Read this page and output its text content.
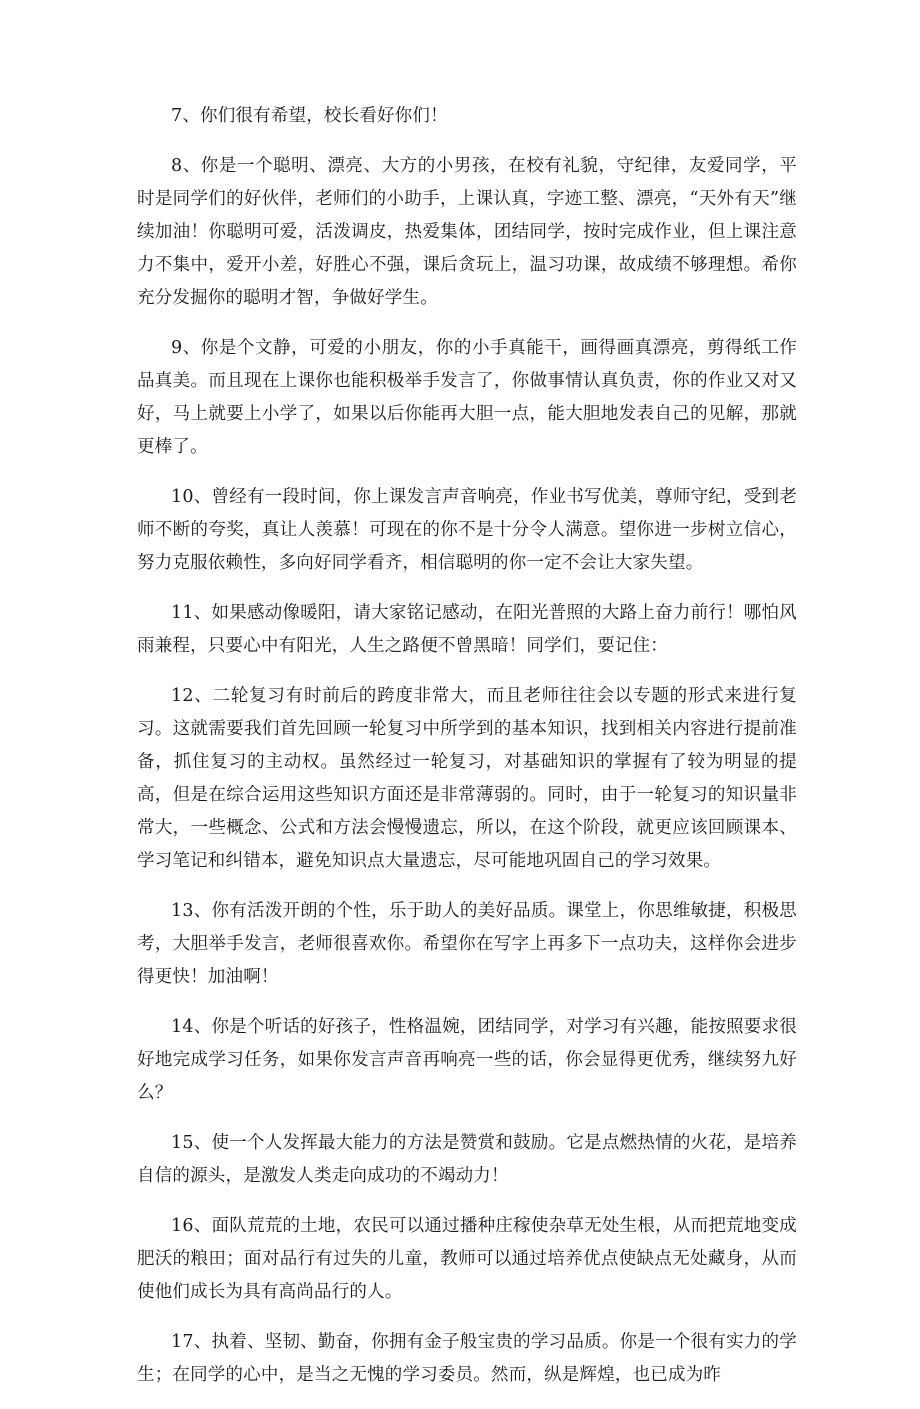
7、你们很有希望，校长看好你们！

8、你是一个聪明、漂亮、大方的小男孩，在校有礼貌，守纪律，友爱同学，平时是同学们的好伙伴，老师们的小助手，上课认真，字迹工整、漂亮，“天外有天”继续加油！你聪明可爱，活泼调皮，热爱集体，团结同学，按时完成作业，但上课注意力不集中，爱开小差，好胜心不强，课后贪玩上，温习功课，故成绩不够理想。希你充分发掘你的聪明才智，争做好学生。

9、你是个文静，可爱的小朋友，你的小手真能干，画得画真漂亮，剪得纸工作品真美。而且现在上课你也能积极举手发言了，你做事情认真负责，你的作业又对又好，马上就要上小学了，如果以后你能再大胆一点，能大胆地发表自己的见解，那就更棒了。

10、曾经有一段时间，你上课发言声音响亮，作业书写优美，尊师守纪，受到老师不断的夸奖，真让人羡慕！可现在的你不是十分令人满意。望你进一步树立信心，努力克服依赖性，多向好同学看齐，相信聪明的你一定不会让大家失望。

11、如果感动像暖阳，请大家铭记感动，在阳光普照的大路上奋力前行！哪怕风雨兼程，只要心中有阳光，人生之路便不曾黑暗！同学们，要记住：

12、二轮复习有时前后的跨度非常大，而且老师往往会以专题的形式来进行复习。这就需要我们首先回顾一轮复习中所学到的基本知识，找到相关内容进行提前准备，抓住复习的主动权。虽然经过一轮复习，对基础知识的掌握有了较为明显的提高，但是在综合运用这些知识方面还是非常薄弱的。同时，由于一轮复习的知识量非常大，一些概念、公式和方法会慢慢遗忘，所以，在这个阶段，就更应该回顾课本、学习笔记和纠错本，避免知识点大量遗忘，尽可能地巩固自己的学习效果。

13、你有活泼开朗的个性，乐于助人的美好品质。课堂上，你思维敏捷，积极思考，大胆举手发言，老师很喜欢你。希望你在写字上再多下一点功夫，这样你会进步得更快！加油啊！

14、你是个听话的好孩子，性格温婉，团结同学，对学习有兴趣，能按照要求很好地完成学习任务，如果你发言声音再响亮一些的话，你会显得更优秀，继续努九好么？

15、使一个人发挥最大能力的方法是赞赏和鼓励。它是点燃热情的火花，是培养自信的源头，是激发人类走向成功的不竭动力！

16、面队荒荒的土地，农民可以通过播种庄稼使杂草无处生根，从而把荒地变成肥沃的粮田；面对品行有过失的儿童，教师可以通过培养优点使缺点无处藏身，从而使他们成长为具有高尚品行的人。

17、执着、坚韧、勤奋，你拥有金子般宝贵的学习品质。你是一个很有实力的学生；在同学的心中，是当之无愧的学习委员。然而，纵是辉煌，也已成为昨
